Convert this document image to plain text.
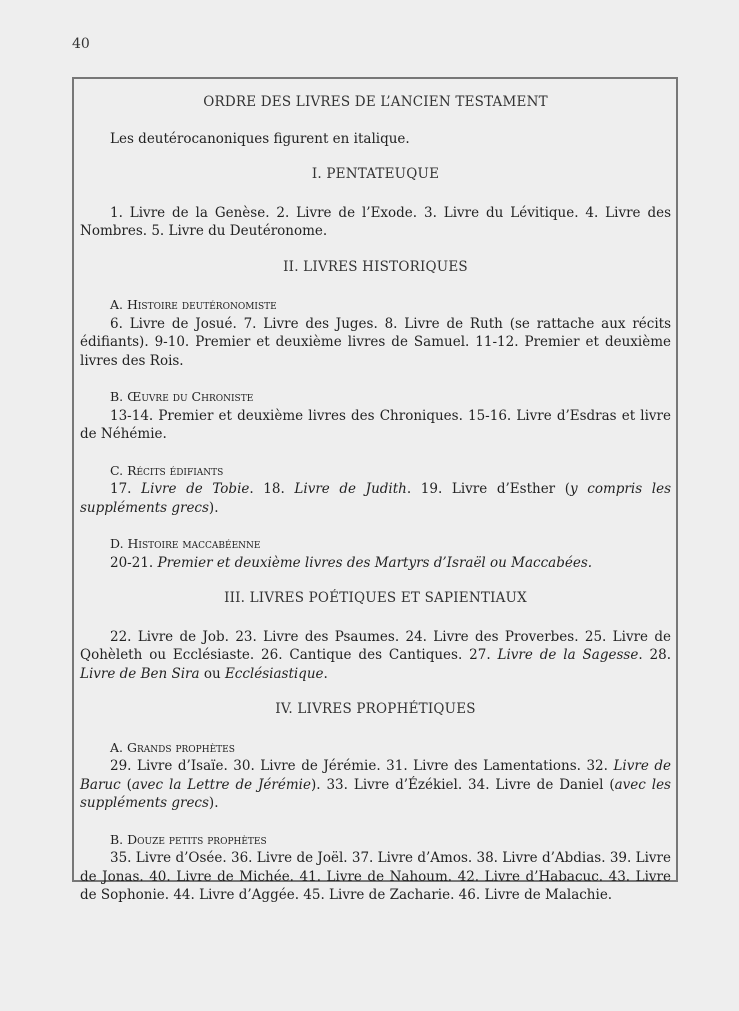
40
ORDRE DES LIVRES DE L’ANCIEN TESTAMENT
Les deutérocanoniques figurent en italique.
I. PENTATEUQUE
1. Livre de la Genèse. 2. Livre de l’Exode. 3. Livre du Lévitique. 4. Livre des Nombres. 5. Livre du Deutéronome.
II. LIVRES HISTORIQUES
A. Histoire deutéronomiste
6. Livre de Josué. 7. Livre des Juges. 8. Livre de Ruth (se rattache aux récits édifiants). 9-10. Premier et deuxième livres de Samuel. 11-12. Premier et deuxième livres des Rois.
B. Œuvre du Chroniste
13-14. Premier et deuxième livres des Chroniques. 15-16. Livre d’Esdras et livre de Néhémie.
C. Récits édifiants
17. Livre de Tobie. 18. Livre de Judith. 19. Livre d’Esther (y compris les suppléments grecs).
D. Histoire maccabéenne
20-21. Premier et deuxième livres des Martyrs d’Israël ou Maccabées.
III. LIVRES POÉTIQUES ET SAPIENTIAUX
22. Livre de Job. 23. Livre des Psaumes. 24. Livre des Proverbes. 25. Livre de Qohèleth ou Ecclésiaste. 26. Cantique des Cantiques. 27. Livre de la Sagesse. 28. Livre de Ben Sira ou Ecclésiastique.
IV. LIVRES PROPHÉTIQUES
A. Grands prophètes
29. Livre d’Isaïe. 30. Livre de Jérémie. 31. Livre des Lamentations. 32. Livre de Baruc (avec la Lettre de Jérémie). 33. Livre d’Ézékiel. 34. Livre de Daniel (avec les suppléments grecs).
B. Douze petits prophètes
35. Livre d’Osée. 36. Livre de Joël. 37. Livre d’Amos. 38. Livre d’Abdias. 39. Livre de Jonas. 40. Livre de Michée. 41. Livre de Nahoum. 42. Livre d’Habacuc. 43. Livre de Sophonie. 44. Livre d’Aggée. 45. Livre de Zacharie. 46. Livre de Malachie.
